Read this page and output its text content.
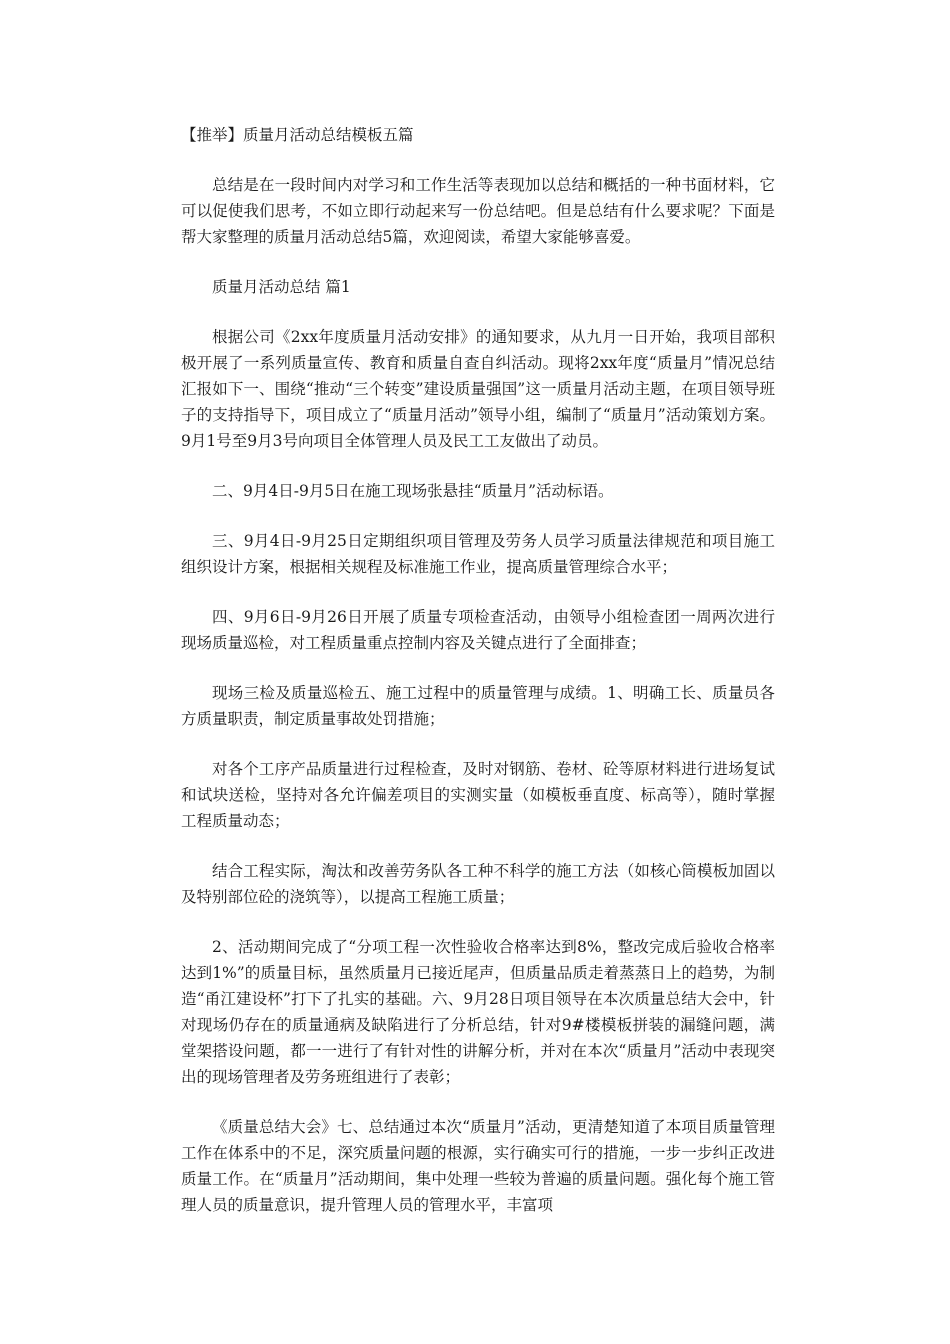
【推举】质量月活动总结模板五篇

总结是在一段时间内对学习和工作生活等表现加以总结和概括的一种书面材料，它可以促使我们思考，不如立即行动起来写一份总结吧。但是总结有什么要求呢？下面是帮大家整理的质量月活动总结5篇，欢迎阅读，希望大家能够喜爱。

质量月活动总结 篇1

根据公司《2xx年度质量月活动安排》的通知要求，从九月一日开始，我项目部积极开展了一系列质量宣传、教育和质量自查自纠活动。现将2xx年度“质量月”情况总结汇报如下一、围绕“推动“三个转变”建设质量强国”这一质量月活动主题，在项目领导班子的支持指导下，项目成立了“质量月活动”领导小组，编制了“质量月”活动策划方案。9月1号至9月3号向项目全体管理人员及民工工友做出了动员。

二、9月4日-9月5日在施工现场张悬挂“质量月”活动标语。

三、9月4日-9月25日定期组织项目管理及劳务人员学习质量法律规范和项目施工组织设计方案，根据相关规程及标准施工作业，提高质量管理综合水平；

四、9月6日-9月26日开展了质量专项检查活动，由领导小组检查团一周两次进行现场质量巡检，对工程质量重点控制内容及关键点进行了全面排查；

现场三检及质量巡检五、施工过程中的质量管理与成绩。1、明确工长、质量员各方质量职责，制定质量事故处罚措施；

对各个工序产品质量进行过程检查，及时对钢筋、卷材、砼等原材料进行进场复试和试块送检，坚持对各允许偏差项目的实测实量（如模板垂直度、标高等），随时掌握工程质量动态；

结合工程实际，淘汰和改善劳务队各工种不科学的施工方法（如核心筒模板加固以及特别部位砼的浇筑等），以提高工程施工质量；

2、活动期间完成了“分项工程一次性验收合格率达到8%，整改完成后验收合格率达到1%”的质量目标，虽然质量月已接近尾声，但质量品质走着蒸蒸日上的趋势，为制造“甬江建设杯”打下了扎实的基础。六、9月28日项目领导在本次质量总结大会中，针对现场仍存在的质量通病及缺陷进行了分析总结，针对9#楼模板拼装的漏缝问题，满堂架搭设问题，都一一进行了有针对性的讲解分析，并对在本次“质量月”活动中表现突出的现场管理者及劳务班组进行了表彰；

《质量总结大会》七、总结通过本次“质量月”活动，更清楚知道了本项目质量管理工作在体系中的不足，深究质量问题的根源，实行确实可行的措施，一步一步纠正改进质量工作。在“质量月”活动期间，集中处理一些较为普遍的质量问题。强化每个施工管理人员的质量意识，提升管理人员的管理水平，丰富项
